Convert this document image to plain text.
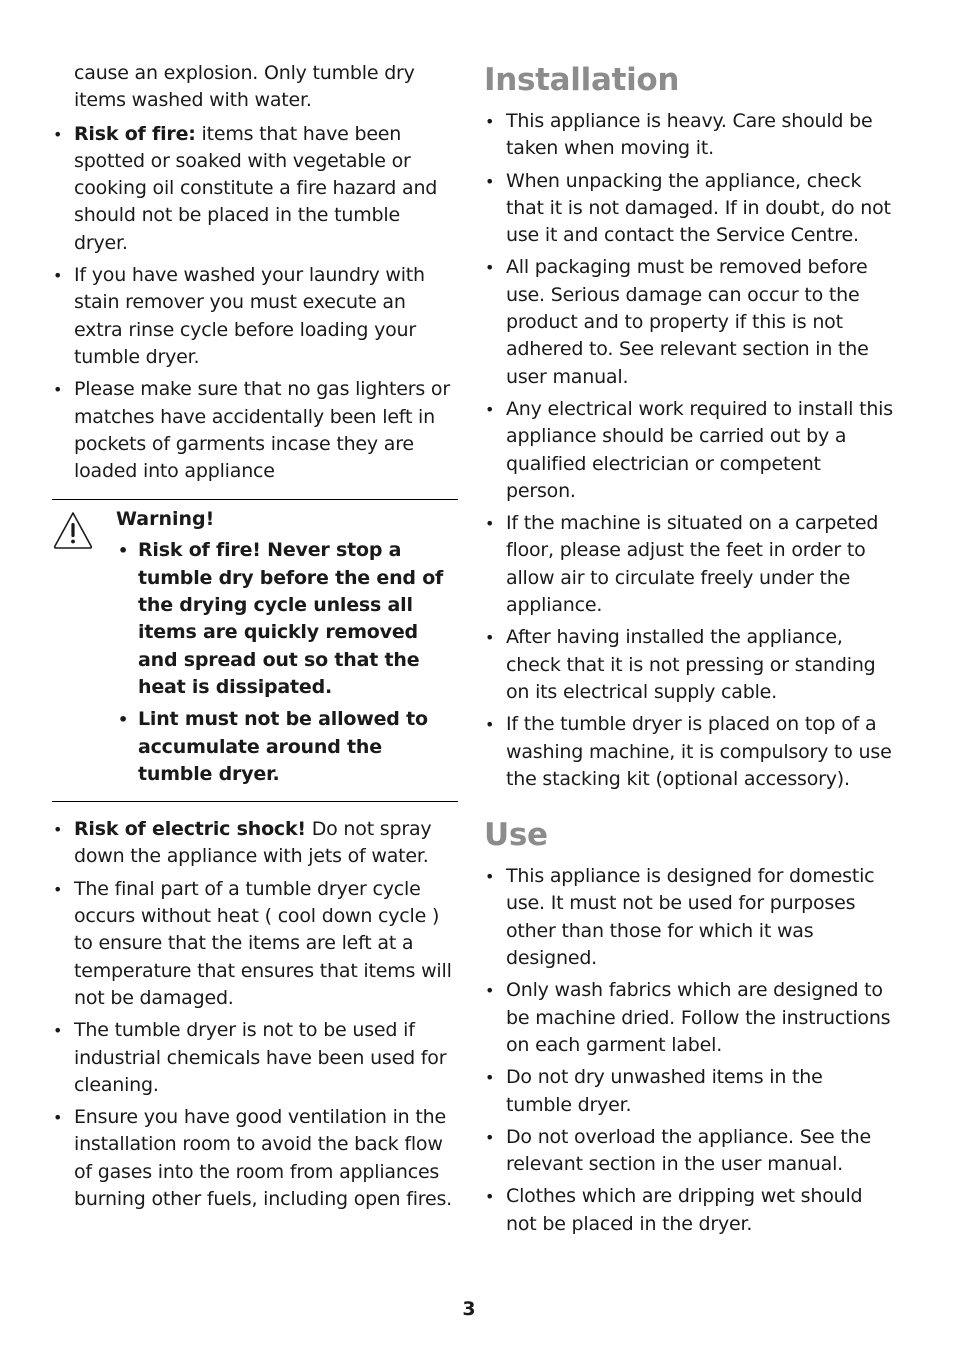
cause an explosion. Only tumble dry items washed with water.

• Risk of fire: items that have been spotted or soaked with vegetable or cooking oil constitute a fire hazard and should not be placed in the tumble dryer.
• If you have washed your laundry with stain remover you must execute an extra rinse cycle before loading your tumble dryer.
• Please make sure that no gas lighters or matches have accidentally been left in pockets of garments incase they are loaded into appliance
Warning!
• Risk of fire! Never stop a tumble dry before the end of the drying cycle unless all items are quickly removed and spread out so that the heat is dissipated.
• Lint must not be allowed to accumulate around the tumble dryer.
• Risk of electric shock! Do not spray down the appliance with jets of water.
• The final part of a tumble dryer cycle occurs without heat ( cool down cycle ) to ensure that the items are left at a temperature that ensures that items will not be damaged.
• The tumble dryer is not to be used if industrial chemicals have been used for cleaning.
• Ensure you have good ventilation in the installation room to avoid the back flow of gases into the room from appliances burning other fuels, including open fires.
Installation
• This appliance is heavy. Care should be taken when moving it.
• When unpacking the appliance, check that it is not damaged. If in doubt, do not use it and contact the Service Centre.
• All packaging must be removed before use. Serious damage can occur to the product and to property if this is not adhered to. See relevant section in the user manual.
• Any electrical work required to install this appliance should be carried out by a qualified electrician or competent person.
• If the machine is situated on a carpeted floor, please adjust the feet in order to allow air to circulate freely under the appliance.
• After having installed the appliance, check that it is not pressing or standing on its electrical supply cable.
• If the tumble dryer is placed on top of a washing machine, it is compulsory to use the stacking kit (optional accessory).
Use
• This appliance is designed for domestic use. It must not be used for purposes other than those for which it was designed.
• Only wash fabrics which are designed to be machine dried. Follow the instructions on each garment label.
• Do not dry unwashed items in the tumble dryer.
• Do not overload the appliance. See the relevant section in the user manual.
• Clothes which are dripping wet should not be placed in the dryer.
3
